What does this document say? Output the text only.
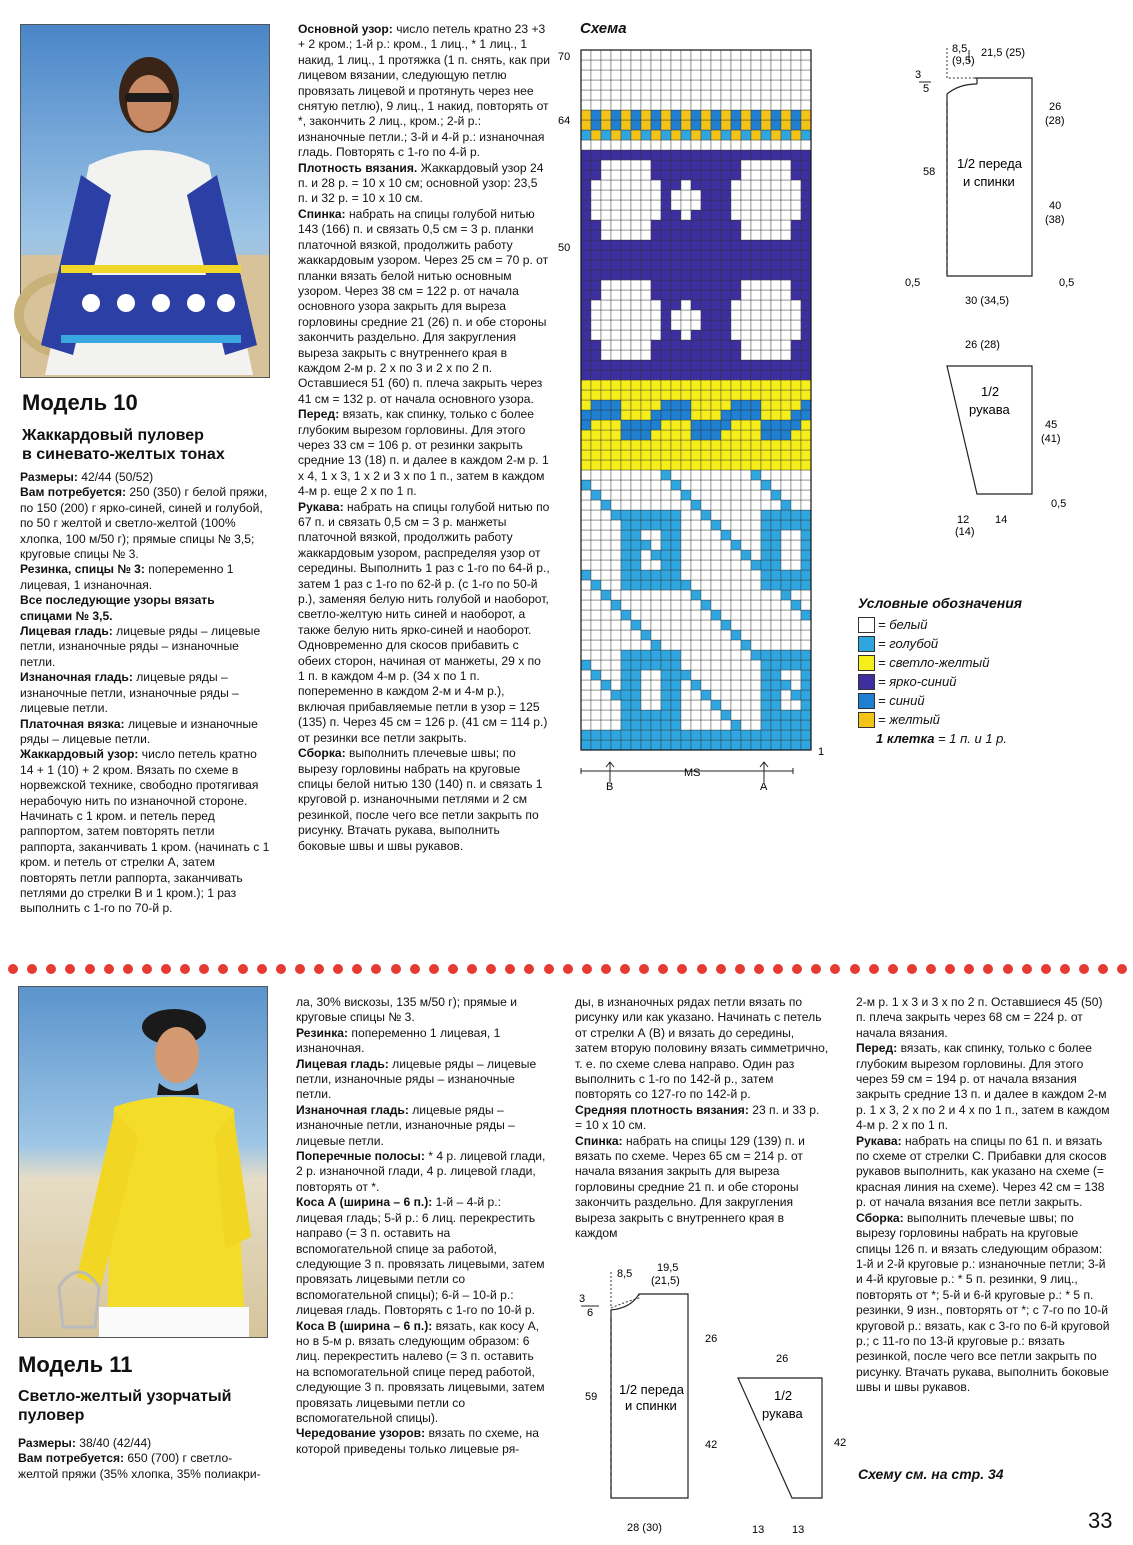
Модель 10
Жаккардовый пуловер
в синевато-желтых тонах

Размеры: 42/44 (50/52)

Вам потребуется: 250 (350) г белой пряжи, по 150 (200) г ярко-синей, синей и голубой, по 50 г желтой и светло-желтой (100% хлопка, 100 м/50 г); прямые спицы № 3,5; круговые спицы № 3.

Резинка, спицы № 3: попеременно 1 лицевая, 1 изнаночная.

Все последующие узоры вязать спицами № 3,5.

Лицевая гладь: лицевые ряды – лицевые петли, изнаночные ряды – изнаночные петли.

Изнаночная гладь: лицевые ряды – изнаночные петли, изнаночные ряды – лицевые петли.

Платочная вязка: лицевые и изнаночные ряды – лицевые петли.

Жаккардовый узор: число петель кратно 14 + 1 (10) + 2 кром. Вязать по схеме в норвежской технике, свободно протягивая нерабочую нить по изнаночной стороне. Начинать с 1 кром. и петель перед раппортом, затем повторять петли раппорта, заканчивать 1 кром. (начинать с 1 кром. и петель от стрелки А, затем повторять петли раппорта, заканчивать петлями до стрелки В и 1 кром.); 1 раз выполнить с 1-го по 70-й р.

Основной узор: число петель кратно 23 +3 + 2 кром.; 1-й р.: кром., 1 лиц., * 1 лиц., 1 накид, 1 лиц., 1 протяжка (1 п. снять, как при лицевом вязании, следующую петлю провязать лицевой и протянуть через нее снятую петлю), 9 лиц., 1 накид, повторять от *, закончить 2 лиц., кром.; 2-й р.: изнаночные петли.; 3-й и 4-й р.: изнаночная гладь. Повторять с 1-го по 4-й р.

Плотность вязания. Жаккардовый узор 24 п. и 28 р. = 10 х 10 см; основной узор: 23,5 п. и 32 р. = 10 х 10 см.

Спинка: набрать на спицы голубой нитью 143 (166) п. и связать 0,5 см = 3 р. планки платочной вязкой, продолжить работу жаккардовым узором. Через 25 см = 70 р. от планки вязать белой нитью основным узором. Через 38 см = 122 р. от начала основного узора закрыть для выреза горловины средние 21 (26) п. и обе стороны закончить раздельно. Для закругления выреза закрыть с внутреннего края в каждом 2-м р. 2 х по 3 и 2 х по 2 п. Оставшиеся 51 (60) п. плеча закрыть через 41 см = 132 р. от начала основного узора.

Перед: вязать, как спинку, только с более глубоким вырезом горловины. Для этого через 33 см = 106 р. от резинки закрыть средние 13 (18) п. и далее в каждом 2-м р. 1 х 4, 1 х 3, 1 х 2 и 3 х по 1 п., затем в каждом 4-м р. еще 2 х по 1 п.

Рукава: набрать на спицы голубой нитью по 67 п. и связать 0,5 см = 3 р. манжеты платочной вязкой, продолжить работу жаккардовым узором, распределяя узор от середины. Выполнить 1 раз с 1-го по 64-й р., затем 1 раз с 1-го по 62-й р. (с 1-го по 50-й р.), заменяя белую нить голубой и наоборот, светло-желтую нить синей и наоборот, а также белую нить ярко-синей и наоборот. Одновременно для скосов прибавить с обеих сторон, начиная от манжеты, 29 х по 1 п. в каждом 4-м р. (34 х по 1 п. попеременно в каждом 2-м и 4-м р.), включая прибавляемые петли в узор = 125 (135) п. Через 45 см = 126 р. (41 см = 114 р.) от резинки все петли закрыть.

Сборка: выполнить плечевые швы; по вырезу горловины набрать на круговые спицы белой нитью 130 (140) п. и связать 1 круговой р. изнаночными петлями и 2 см резинкой, после чего все петли закрыть по рисунку. Втачать рукава, выполнить боковые швы и швы рукавов.

Схема
70
64
50
1
B
MS
A
8,5
(9,5)
21,5 (25)
3
5
58
26
(28)
40
(38)
1/2 переда
и спинки
0,5	0,5
30 (34,5)
26 (28)
1/2
рукава
45
(41)
0,5
12
(14)
14
Условные обозначения
= белый
= голубой
= светло-желтый
= ярко-синий
= синий
= желтый
1 клетка = 1 п. и 1 р.
Модель 11
Светло-желтый узорчатый
пуловер

Размеры: 38/40 (42/44)

Вам потребуется: 650 (700) г светло-желтой пряжи (35% хлопка, 35% полиакри-

ла, 30% вискозы, 135 м/50 г); прямые и круговые спицы № 3.

Резинка: попеременно 1 лицевая, 1 изнаночная.

Лицевая гладь: лицевые ряды – лицевые петли, изнаночные ряды – изнаночные петли.

Изнаночная гладь: лицевые ряды – изнаночные петли, изнаночные ряды – лицевые петли.

Поперечные полосы: * 4 р. лицевой глади, 2 р. изнаночной глади, 4 р. лицевой глади, повторять от *.

Коса А (ширина – 6 п.): 1-й – 4-й р.: лицевая гладь; 5-й р.: 6 лиц. перекрестить направо (= 3 п. оставить на вспомогательной спице за работой, следующие 3 п. провязать лицевыми, затем провязать лицевыми петли со вспомогательной спицы); 6-й – 10-й р.: лицевая гладь. Повторять с 1-го по 10-й р.

Коса В (ширина – 6 п.): вязать, как косу А, но в 5-м р. вязать следующим образом: 6 лиц. перекрестить налево (= 3 п. оставить на вспомогательной спице перед работой, следующие 3 п. провязать лицевыми, затем провязать лицевыми петли со вспомогательной спицы).

Чередование узоров: вязать по схеме, на которой приведены только лицевые ря-

ды, в изнаночных рядах петли вязать по рисунку или как указано. Начинать с петель от стрелки А (В) и вязать до середины, затем вторую половину вязать симметрично, т. е. по схеме слева направо. Один раз выполнить с 1-го по 142-й р., затем повторять со 127-го по 142-й р.

Средняя плотность вязания: 23 п. и 33 р. = 10 х 10 см.

Спинка: набрать на спицы 129 (139) п. и вязать по схеме. Через 65 см = 214 р. от начала вязания закрыть для выреза горловины средние 21 п. и обе стороны закончить раздельно. Для закругления выреза закрыть с внутреннего края в каждом

2-м р. 1 х 3 и 3 х по 2 п. Оставшиеся 45 (50) п. плеча закрыть через 68 см = 224 р. от начала вязания.

Перед: вязать, как спинку, только с более глубоким вырезом горловины. Для этого через 59 см = 194 р. от начала вязания закрыть средние 13 п. и далее в каждом 2-м р. 1 х 3, 2 х по 2 и 4 х по 1 п., затем в каждом 4-м р. 2 х по 1 п.

Рукава: набрать на спицы по 61 п. и вязать по схеме от стрелки С. Прибавки для скосов рукавов выполнить, как указано на схеме (= красная линия на схеме). Через 42 см = 138 р. от начала вязания все петли закрыть.

Сборка: выполнить плечевые швы; по вырезу горловины набрать на круговые спицы 126 п. и вязать следующим образом: 1-й и 2-й круговые р.: изнаночные петли; 3-й и 4-й круговые р.: * 5 п. резинки, 9 лиц., повторять от *; 5-й и 6-й круговые р.: * 5 п. резинки, 9 изн., повторять от *; с 7-го по 10-й круговой р.: вязать, как с 3-го по 6-й круговой р.; с 11-го по 13-й круговые р.: вязать резинкой, после чего все петли закрыть по рисунку. Втачать рукава, выполнить боковые швы и швы рукавов.

Схему см. на стр. 34
8,5 19,5
(21,5)
3
6
59
26
42
1/2 переда
и спинки
28 (30)
26
1/2
рукава
42
13	13	33
